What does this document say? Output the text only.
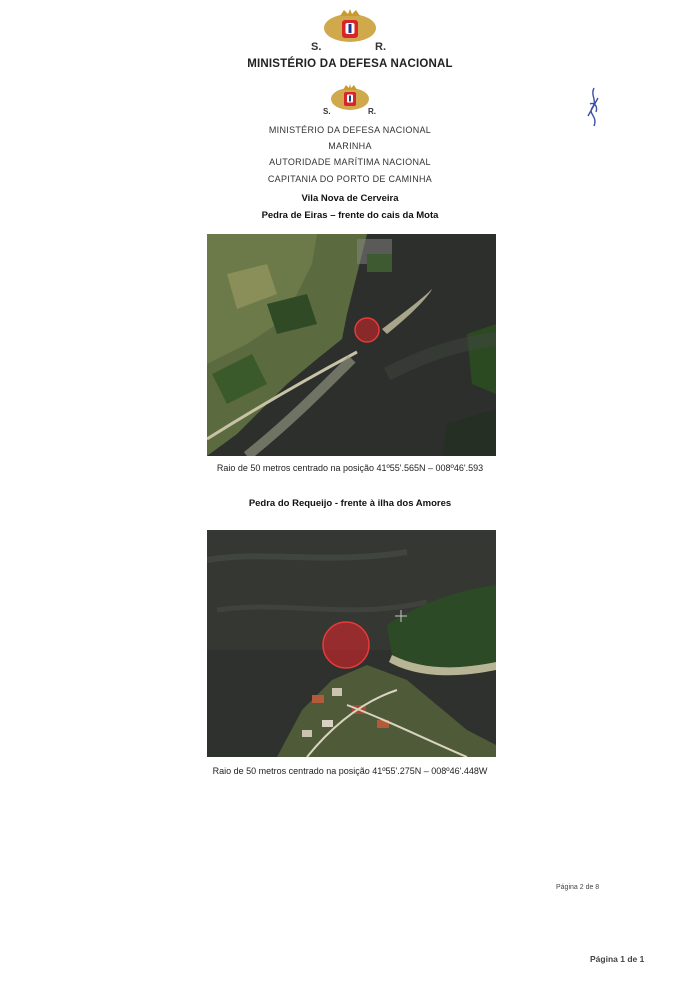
S.	R.
MINISTÉRIO DA DEFESA NACIONAL
S.	R.
MINISTÉRIO DA DEFESA NACIONAL
MARINHA
AUTORIDADE MARÍTIMA NACIONAL
CAPITANIA DO PORTO DE CAMINHA
Vila Nova de Cerveira
Pedra de Eiras – frente do cais da Mota
Raio de 50 metros centrado na posição 41º55'.565N – 008º46'.593
Pedra do Requeijo - frente à ilha dos Amores
Raio de 50 metros centrado na posição 41º55'.275N – 008º46'.448W
Página 2 de 8
Página 1 de 1
